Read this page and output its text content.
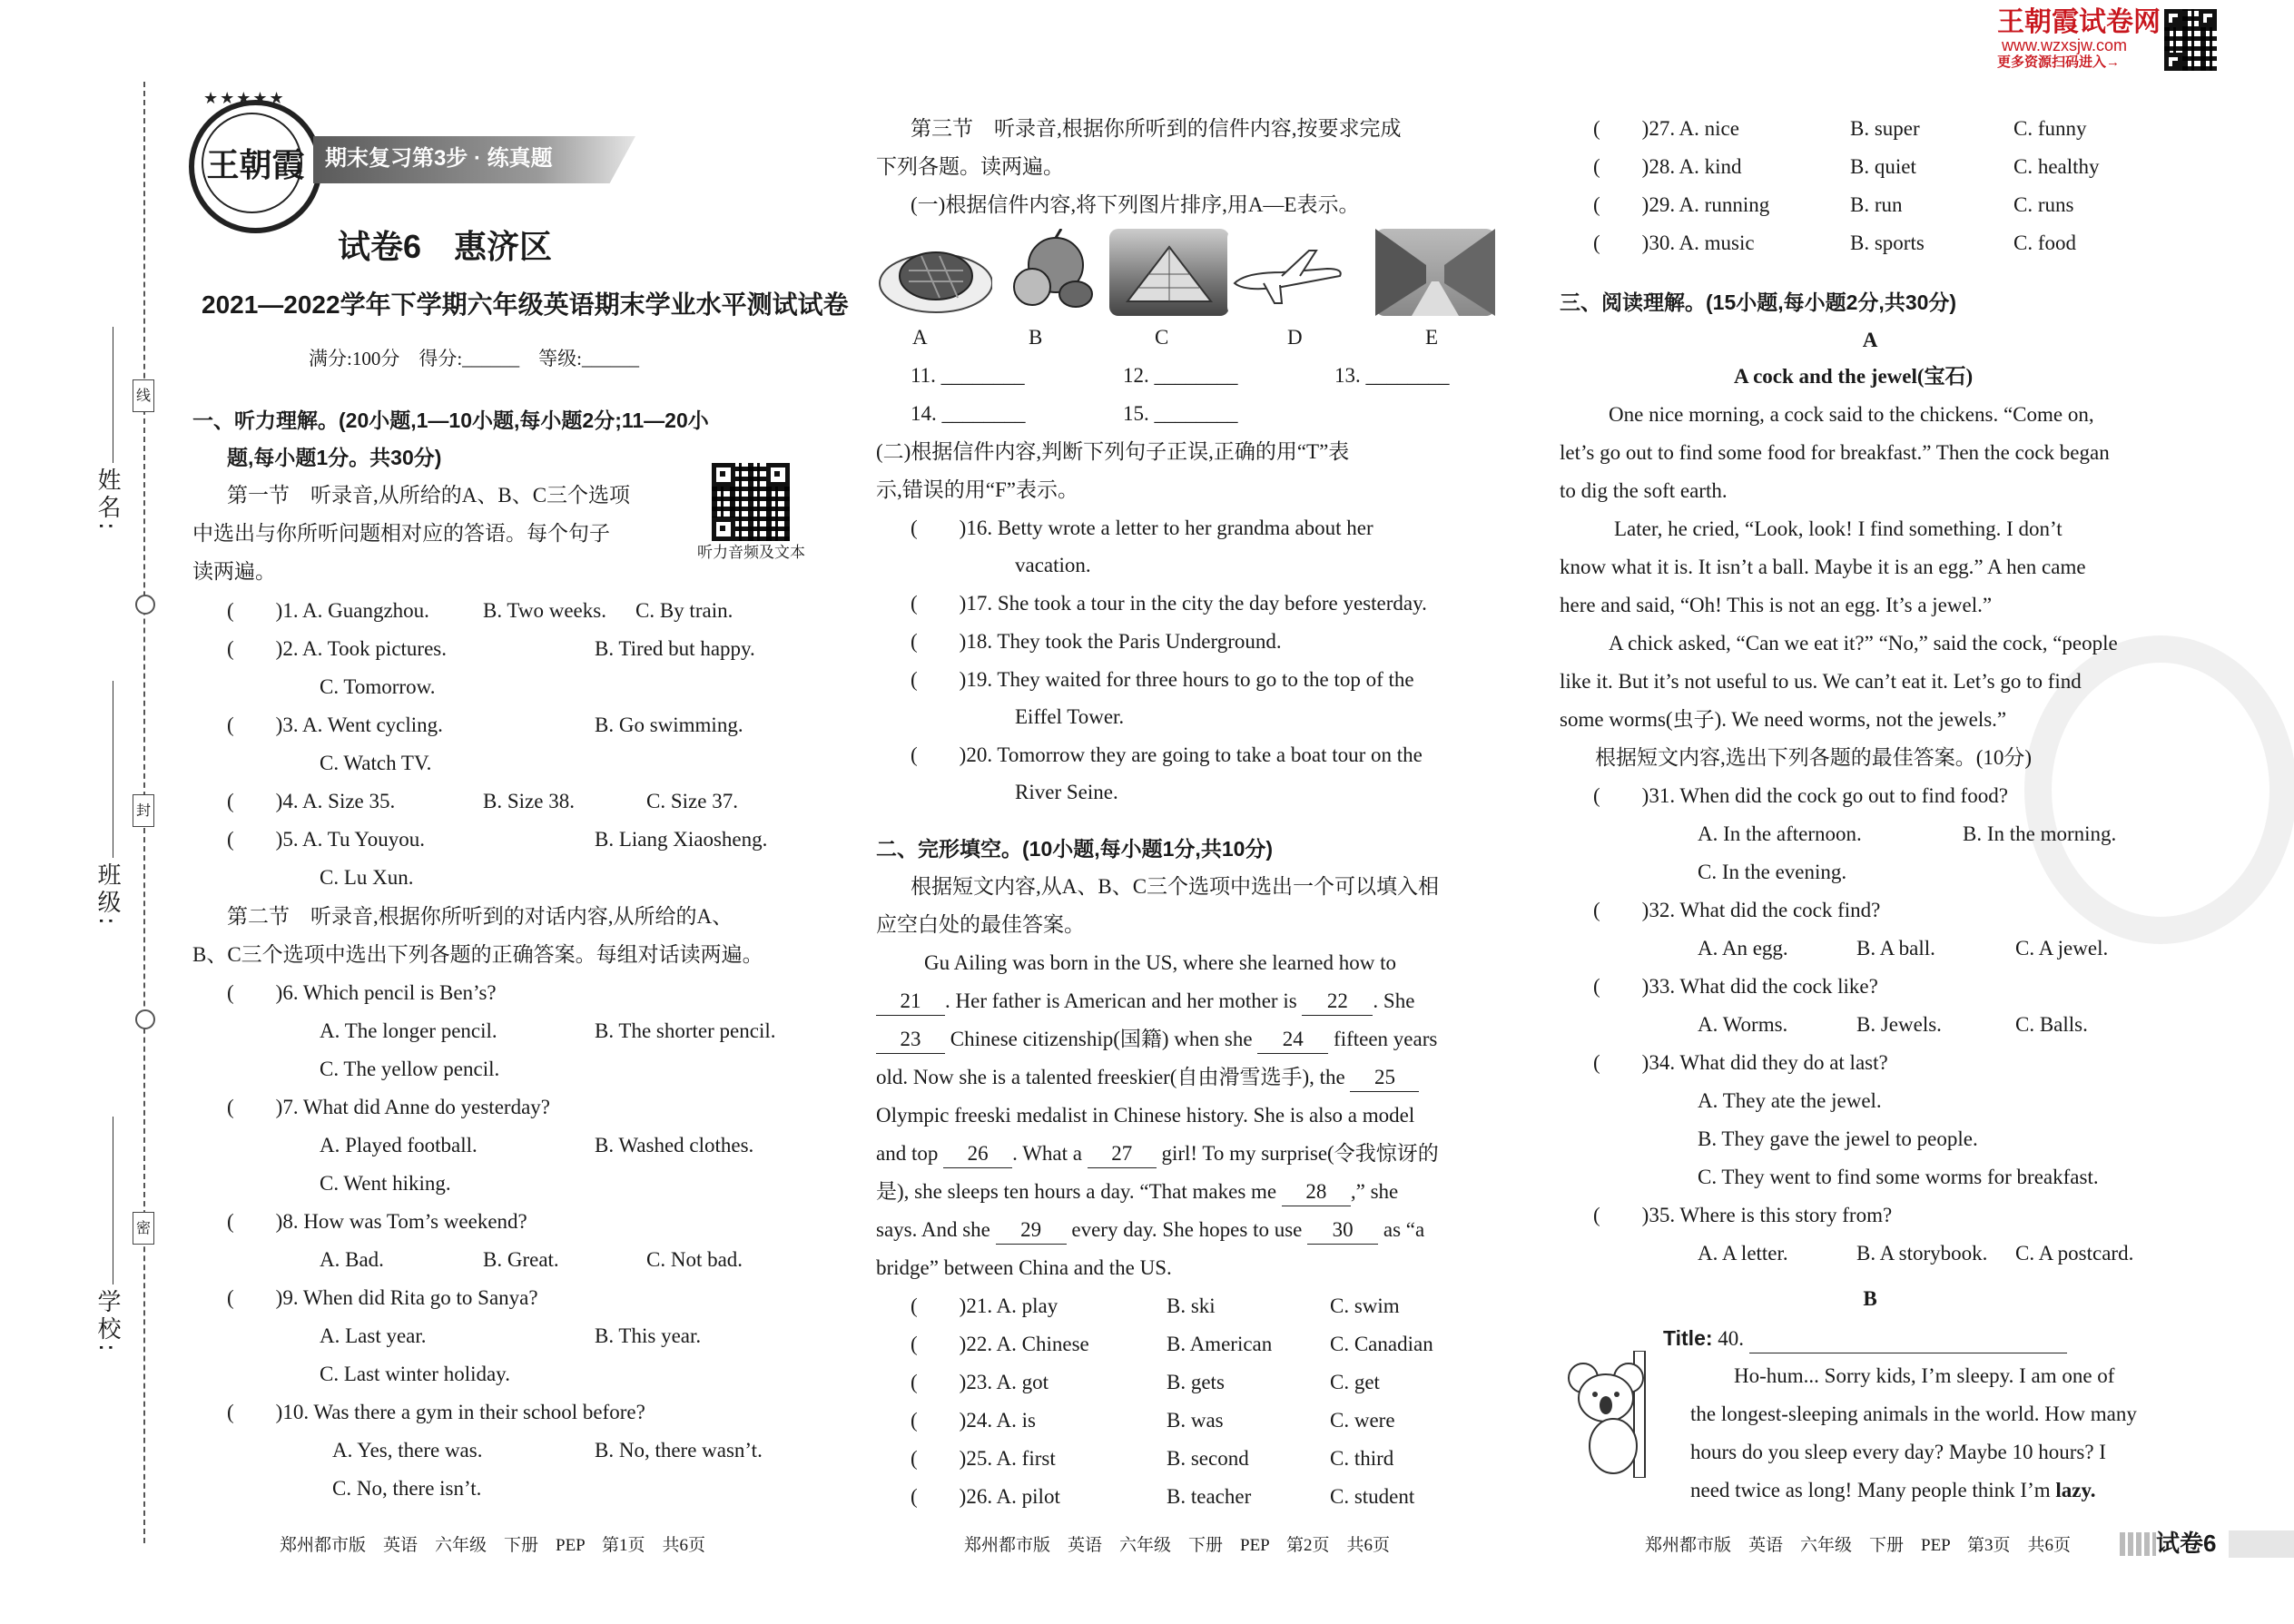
姓名:
班级:
学校:
线
封
密
王朝霞试卷网
www.wzxsjw.com
更多资源扫码进入→
王朝霞
★★★★★
期末复习第3步 · 练真题
试卷6　惠济区
2021—2022学年下学期六年级英语期末学业水平测试试卷
满分:100分　得分:______　等级:______
一、听力理解。(20小题,1—10小题,每小题2分;11—20小
题,每小题1分。共30分)
听力音频及文本
第一节　听录音,从所给的A、B、C三个选项
中选出与你所听问题相对应的答语。每个句子
读两遍。
(　　)1. A. Guangzhou.	B. Two weeks. C. By train.
(　　)2. A. Took pictures.	B. Tired but happy.
C. Tomorrow.
(　　)3. A. Went cycling.	B. Go swimming.
C. Watch TV.
(　　)4. A. Size 35.	B. Size 38.	C. Size 37.
(　　)5. A. Tu Youyou.	B. Liang Xiaosheng.
C. Lu Xun.
第二节　听录音,根据你所听到的对话内容,从所给的A、
B、C三个选项中选出下列各题的正确答案。每组对话读两遍。
(　　)6. Which pencil is Ben’s?
A. The longer pencil.	B. The shorter pencil.
C. The yellow pencil.
(　　)7. What did Anne do yesterday?
A. Played football.	B. Washed clothes.
C. Went hiking.
(　　)8. How was Tom’s weekend?
A. Bad.	B. Great.	C. Not bad.
(　　)9. When did Rita go to Sanya?
A. Last year.	B. This year.
C. Last winter holiday.
(　　)10. Was there a gym in their school before?
A. Yes, there was.	B. No, there wasn’t.
C. No, there isn’t.
郑州都市版　英语　六年级　下册　PEP　第1页　共6页
第三节　听录音,根据你所听到的信件内容,按要求完成
下列各题。读两遍。
(一)根据信件内容,将下列图片排序,用A—E表示。
A	B	C	D	E
11. ________	12. ________	13. ________
14. ________	15. ________
(二)根据信件内容,判断下列句子正误,正确的用“T”表
示,错误的用“F”表示。
(　　)16. Betty wrote a letter to her grandma about her
vacation.
(　　)17. She took a tour in the city the day before yesterday.
(　　)18. They took the Paris Underground.
(　　)19. They waited for three hours to go to the top of the
Eiffel Tower.
(　　)20. Tomorrow they are going to take a boat tour on the
River Seine.
二、完形填空。(10小题,每小题1分,共10分)
根据短文内容,从A、B、C三个选项中选出一个可以填入相
应空白处的最佳答案。
Gu Ailing was born in the US, where she learned how to
21 . Her father is American and her mother is 22 . She
23 Chinese citizenship(国籍) when she 24 fifteen years
old. Now she is a talented freeskier(自由滑雪选手), the 25
Olympic freeski medalist in Chinese history. She is also a model
and top 26 . What a 27 girl! To my surprise(令我惊讶的
是), she sleeps ten hours a day. “That makes me 28 ,” she
says. And she 29 every day. She hopes to use 30 as “a
bridge” between China and the US.
(　　)21. A. play	B. ski	C. swim
(　　)22. A. Chinese	B. American	C. Canadian
(　　)23. A. got	B. gets	C. get
(　　)24. A. is	B. was	C. were
(　　)25. A. first	B. second	C. third
(　　)26. A. pilot	B. teacher	C. student
郑州都市版　英语　六年级　下册　PEP　第2页　共6页
(　　)27. A. nice	B. super	C. funny
(　　)28. A. kind	B. quiet	C. healthy
(　　)29. A. running	B. run	C. runs
(　　)30. A. music	B. sports	C. food
三、阅读理解。(15小题,每小题2分,共30分)
A
A cock and the jewel(宝石)
One nice morning, a cock said to the chickens. “Come on,
let’s go out to find some food for breakfast.” Then the cock began
to dig the soft earth.
Later, he cried, “Look, look! I find something. I don’t
know what it is. It isn’t a ball. Maybe it is an egg.” A hen came
here and said, “Oh! This is not an egg. It’s a jewel.”
A chick asked, “Can we eat it?” “No,” said the cock, “people
like it. But it’s not useful to us. We can’t eat it. Let’s go to find
some worms(虫子). We need worms, not the jewels.”
根据短文内容,选出下列各题的最佳答案。(10分)
(　　)31. When did the cock go out to find food?
A. In the afternoon.	B. In the morning.
C. In the evening.
(　　)32. What did the cock find?
A. An egg.	B. A ball.	C. A jewel.
(　　)33. What did the cock like?
A. Worms.	B. Jewels.	C. Balls.
(　　)34. What did they do at last?
A. They ate the jewel.
B. They gave the jewel to people.
C. They went to find some worms for breakfast.
(　　)35. Where is this story from?
A. A letter.	B. A storybook. C. A postcard.
B
Title: 40.
Ho-hum... Sorry kids, I’m sleepy. I am one of
the longest-sleeping animals in the world. How many
hours do you sleep every day? Maybe 10 hours? I
need twice as long! Many people think I’m lazy.
郑州都市版　英语　六年级　下册　PEP　第3页　共6页	试卷6
